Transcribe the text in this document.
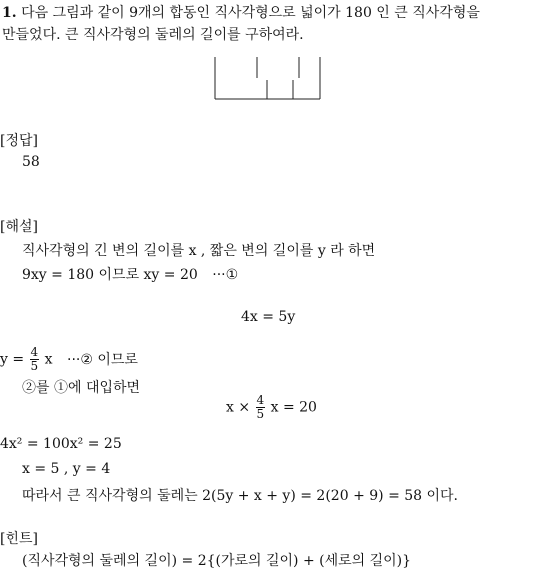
1. 다음 그림과 같이 9개의 합동인 직사각형으로 넓이가 180 인 큰 직사각형을
만들었다. 큰 직사각형의 둘레의 길이를 구하여라.
[정답]
58
[해설]
직사각형의 긴 변의 길이를 x , 짧은 변의 길이를 y 라 하면
9xy = 180 이므로 xy = 20 ···①
4x = 5y
$y = \frac{4}{5}$ x ···② 이므로
②를 ①에 대입하면
$x \times \frac{4}{5}$ x = 20
4x² = 100x² = 25
x = 5 , y = 4
따라서 큰 직사각형의 둘레는 2(5y + x + y) = 2(20 + 9) = 58 이다.
[힌트]
(직사각형의 둘레의 길이) = 2{(가로의 길이) + (세로의 길이)}
